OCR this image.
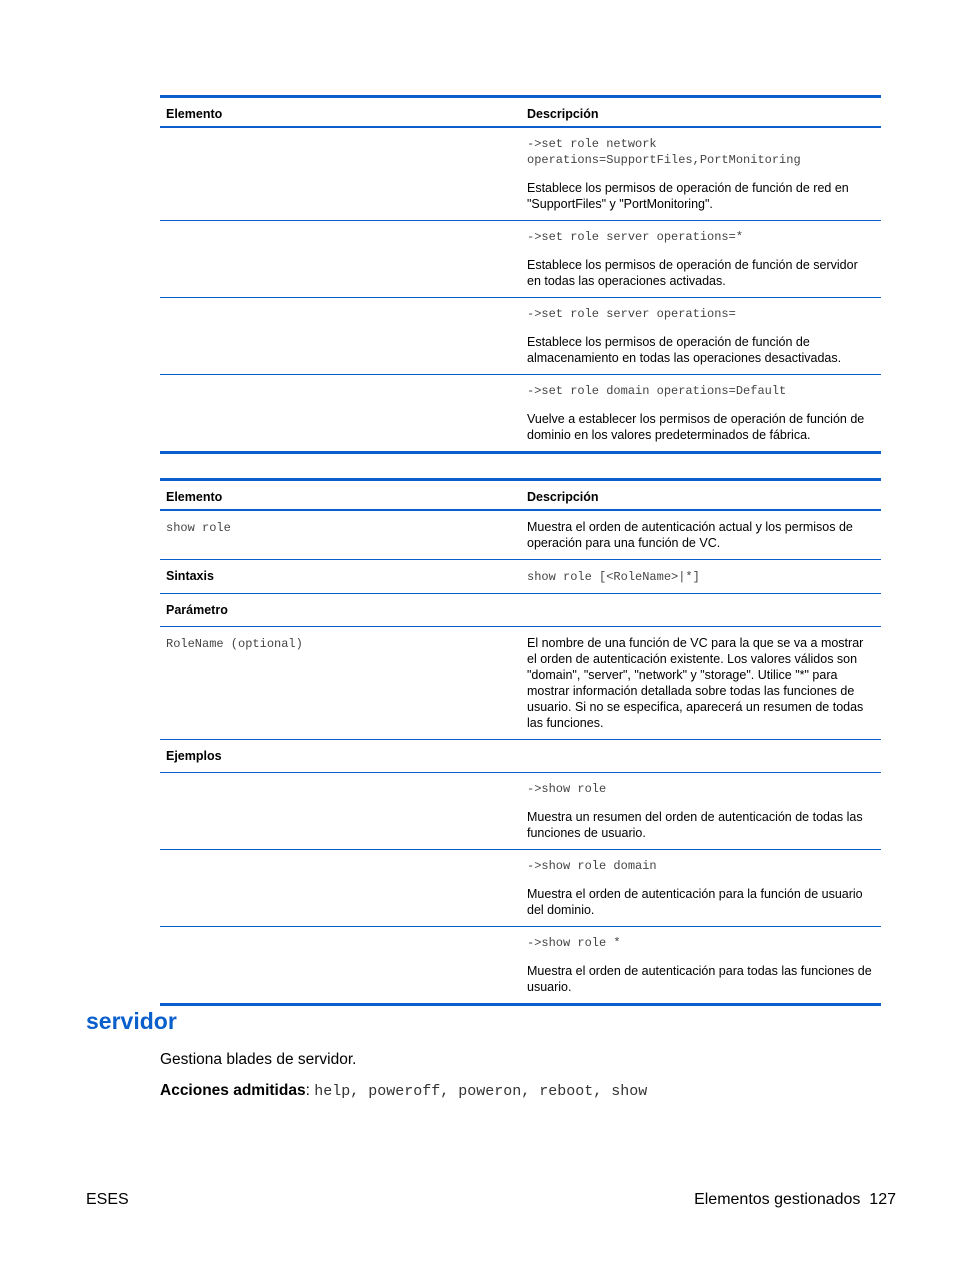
Elemento	Descripción

	->set role network
operations=SupportFiles,PortMonitoring
Establece los permisos de operación de función de red en "SupportFiles" y "PortMonitoring".

	->set role server operations=*
Establece los permisos de operación de función de servidor en todas las operaciones activadas.

	->set role server operations=
Establece los permisos de operación de función de almacenamiento en todas las operaciones desactivadas.

	->set role domain operations=Default
Vuelve a establecer los permisos de operación de función de dominio en los valores predeterminados de fábrica.
Elemento	Descripción
show role	Muestra el orden de autenticación actual y los permisos de operación para una función de VC.
Sintaxis	show role [<RoleName>|*]
Parámetro	
RoleName (optional)	El nombre de una función de VC para la que se va a mostrar el orden de autenticación existente. Los valores válidos son "domain", "server", "network" y "storage". Utilice "*" para mostrar información detallada sobre todas las funciones de usuario. Si no se especifica, aparecerá un resumen de todas las funciones.
Ejemplos	

	->show role
Muestra un resumen del orden de autenticación de todas las funciones de usuario.

	->show role domain
Muestra el orden de autenticación para la función de usuario del dominio.

	->show role *
Muestra el orden de autenticación para todas las funciones de usuario.
servidor

Gestiona blades de servidor.

Acciones admitidas: help, poweroff, poweron, reboot, show

ESES	Elementos gestionados 127
